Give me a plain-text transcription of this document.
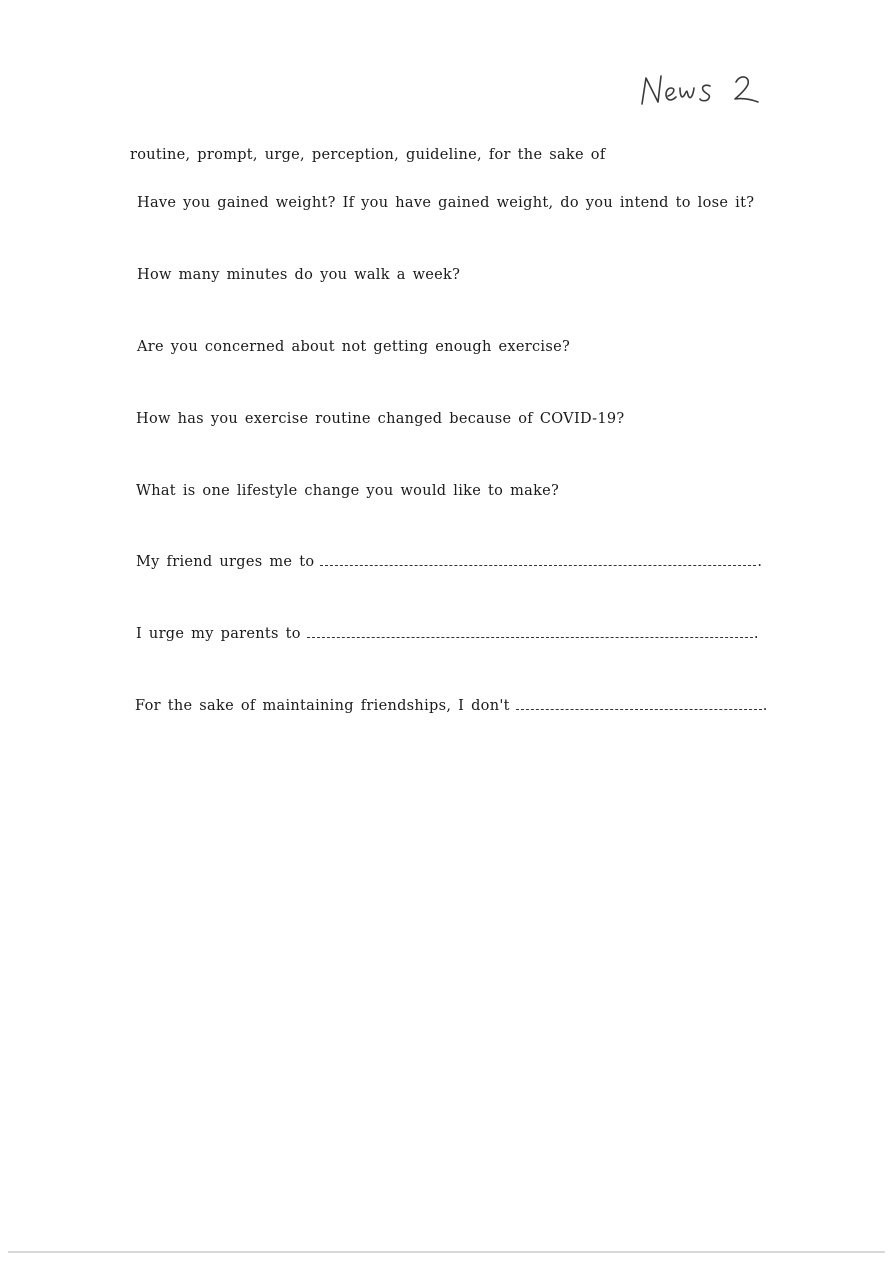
routine, prompt, urge, perception, guideline, for the sake of
Have you gained weight? If you have gained weight, do you intend to lose it?
How many minutes do you walk a week?
Are you concerned about not getting enough exercise?
How has you exercise routine changed because of COVID-19?
What is one lifestyle change you would like to make?
My friend urges me to	.
I urge my parents to	.
For the sake of maintaining friendships, I don't	.
